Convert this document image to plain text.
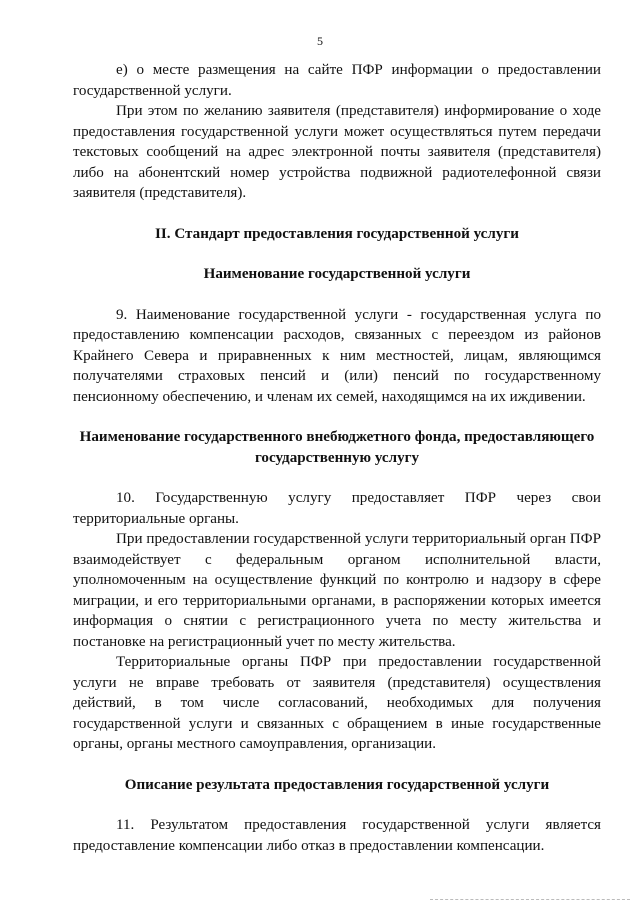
5

е) о месте размещения на сайте ПФР информации о предоставлении государственной услуги.

При этом по желанию заявителя (представителя) информирование о ходе предоставления государственной услуги может осуществляться путем передачи текстовых сообщений на адрес электронной почты заявителя (представителя) либо на абонентский номер устройства подвижной радиотелефонной связи заявителя (представителя).

II. Стандарт предоставления государственной услуги
Наименование государственной услуги

9. Наименование государственной услуги - государственная услуга по предоставлению компенсации расходов, связанных с переездом из районов Крайнего Севера и приравненных к ним местностей, лицам, являющимся получателями страховых пенсий и (или) пенсий по государственному пенсионному обеспечению, и членам их семей, находящимся на их иждивении.

Наименование государственного внебюджетного фонда, предоставляющего государственную услугу

10. Государственную услугу предоставляет ПФР через свои территориальные органы.

При предоставлении государственной услуги территориальный орган ПФР взаимодействует с федеральным органом исполнительной власти, уполномоченным на осуществление функций по контролю и надзору в сфере миграции, и его территориальными органами, в распоряжении которых имеется информация о снятии с регистрационного учета по месту жительства и постановке на регистрационный учет по месту жительства.

Территориальные органы ПФР при предоставлении государственной услуги не вправе требовать от заявителя (представителя) осуществления действий, в том числе согласований, необходимых для получения государственной услуги и связанных с обращением в иные государственные органы, органы местного самоуправления, организации.

Описание результата предоставления государственной услуги

11. Результатом предоставления государственной услуги является предоставление компенсации либо отказ в предоставлении компенсации.
